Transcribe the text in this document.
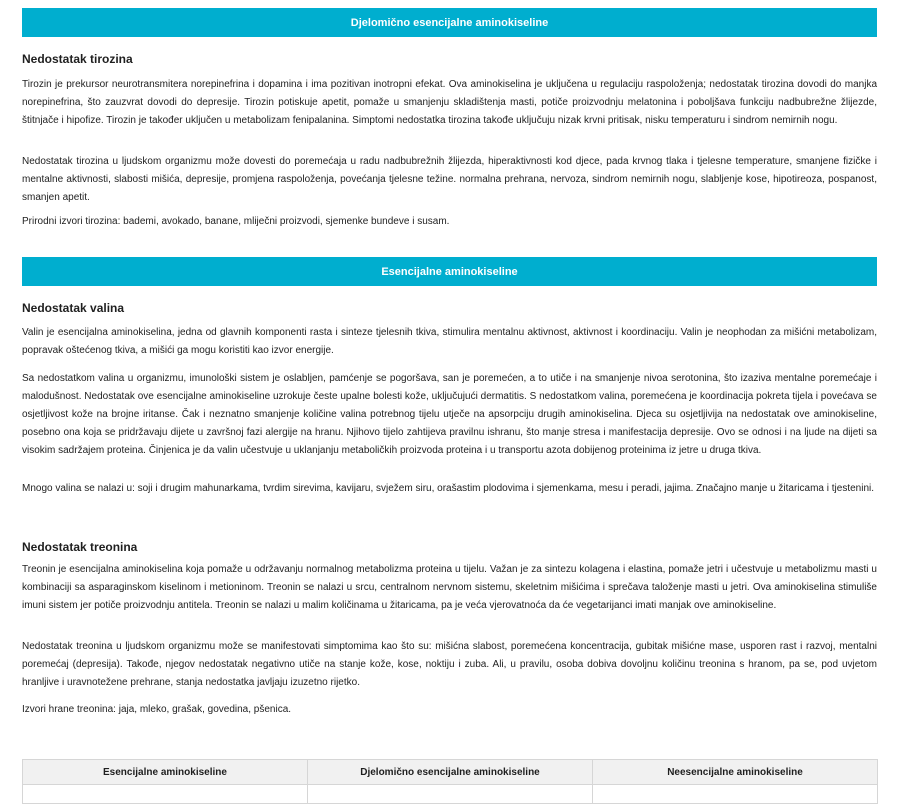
Djelomično esencijalne aminokiseline
Nedostatak tirozina

Tirozin je prekursor neurotransmitera norepinefrina i dopamina i ima pozitivan inotropni efekat. Ova aminokiselina je uključena u regulaciju raspoloženja; nedostatak tirozina dovodi do manjka norepinefrina, što zauzvrat dovodi do depresije. Tirozin potiskuje apetit, pomaže u smanjenju skladištenja masti, potiče proizvodnju melatonina i poboljšava funkciju nadbubrežne žlijezde, štitnjače i hipofize. Tirozin je također uključen u metabolizam fenipalanina. Simptomi nedostatka tirozina takođe uključuju nizak krvni pritisak, nisku temperaturu i sindrom nemirnih nogu.

Nedostatak tirozina u ljudskom organizmu može dovesti do poremećaja u radu nadbubrežnih žlijezda, hiperaktivnosti kod djece, pada krvnog tlaka i tjelesne temperature, smanjene fizičke i mentalne aktivnosti, slabosti mišića, depresije, promjena raspoloženja, povećanja tjelesne težine. normalna prehrana, nervoza, sindrom nemirnih nogu, slabljenje kose, hipotireoza, pospanost, smanjen apetit.

Prirodni izvori tirozina: bademi, avokado, banane, mliječni proizvodi, sjemenke bundeve i susam.

Esencijalne aminokiseline
Nedostatak valina

Valin je esencijalna aminokiselina, jedna od glavnih komponenti rasta i sinteze tjelesnih tkiva, stimulira mentalnu aktivnost, aktivnost i koordinaciju. Valin je neophodan za mišićni metabolizam, popravak oštećenog tkiva, a mišići ga mogu koristiti kao izvor energije.

Sa nedostatkom valina u organizmu, imunološki sistem je oslabljen, pamćenje se pogoršava, san je poremećen, a to utiče i na smanjenje nivoa serotonina, što izaziva mentalne poremećaje i malodušnost. Nedostatak ove esencijalne aminokiseline uzrokuje česte upalne bolesti kože, uključujući dermatitis. S nedostatkom valina, poremećena je koordinacija pokreta tijela i povećava se osjetljivost kože na brojne iritanse. Čak i neznatno smanjenje količine valina potrebnog tijelu utječe na apsorpciju drugih aminokiselina. Djeca su osjetljivija na nedostatak ove aminokiseline, posebno ona koja se pridržavaju dijete u završnoj fazi alergije na hranu. Njihovo tijelo zahtijeva pravilnu ishranu, što manje stresa i manifestacija depresije. Ovo se odnosi i na ljude na dijeti sa visokim sadržajem proteina. Činjenica je da valin učestvuje u uklanjanju metaboličkih proizvoda proteina i u transportu azota dobijenog proteinima iz jetre u druga tkiva.

Mnogo valina se nalazi u: soji i drugim mahunarkama, tvrdim sirevima, kavijaru, svježem siru, orašastim plodovima i sjemenkama, mesu i peradi, jajima. Značajno manje u žitaricama i tjestenini.

Nedostatak treonina

Treonin je esencijalna aminokiselina koja pomaže u održavanju normalnog metabolizma proteina u tijelu. Važan je za sintezu kolagena i elastina, pomaže jetri i učestvuje u metabolizmu masti u kombinaciji sa asparaginskom kiselinom i metioninom. Treonin se nalazi u srcu, centralnom nervnom sistemu, skeletnim mišićima i sprečava taloženje masti u jetri. Ova aminokiselina stimuliše imuni sistem jer potiče proizvodnju antitela. Treonin se nalazi u malim količinama u žitaricama, pa je veća vjerovatnoća da će vegetarijanci imati manjak ove aminokiseline.

Nedostatak treonina u ljudskom organizmu može se manifestovati simptomima kao što su: mišićna slabost, poremećena koncentracija, gubitak mišićne mase, usporen rast i razvoj, mentalni poremećaj (depresija). Takođe, njegov nedostatak negativno utiče na stanje kože, kose, noktiju i zuba. Ali, u pravilu, osoba dobiva dovoljnu količinu treonina s hranom, pa se, pod uvjetom hranljive i uravnotežene prehrane, stanja nedostatka javljaju izuzetno rijetko.

Izvori hrane treonina: jaja, mleko, grašak, govedina, pšenica.

Esencijalne aminokiseline	Djelomično esencijalne aminokiseline	Neesencijalne aminokiseline
